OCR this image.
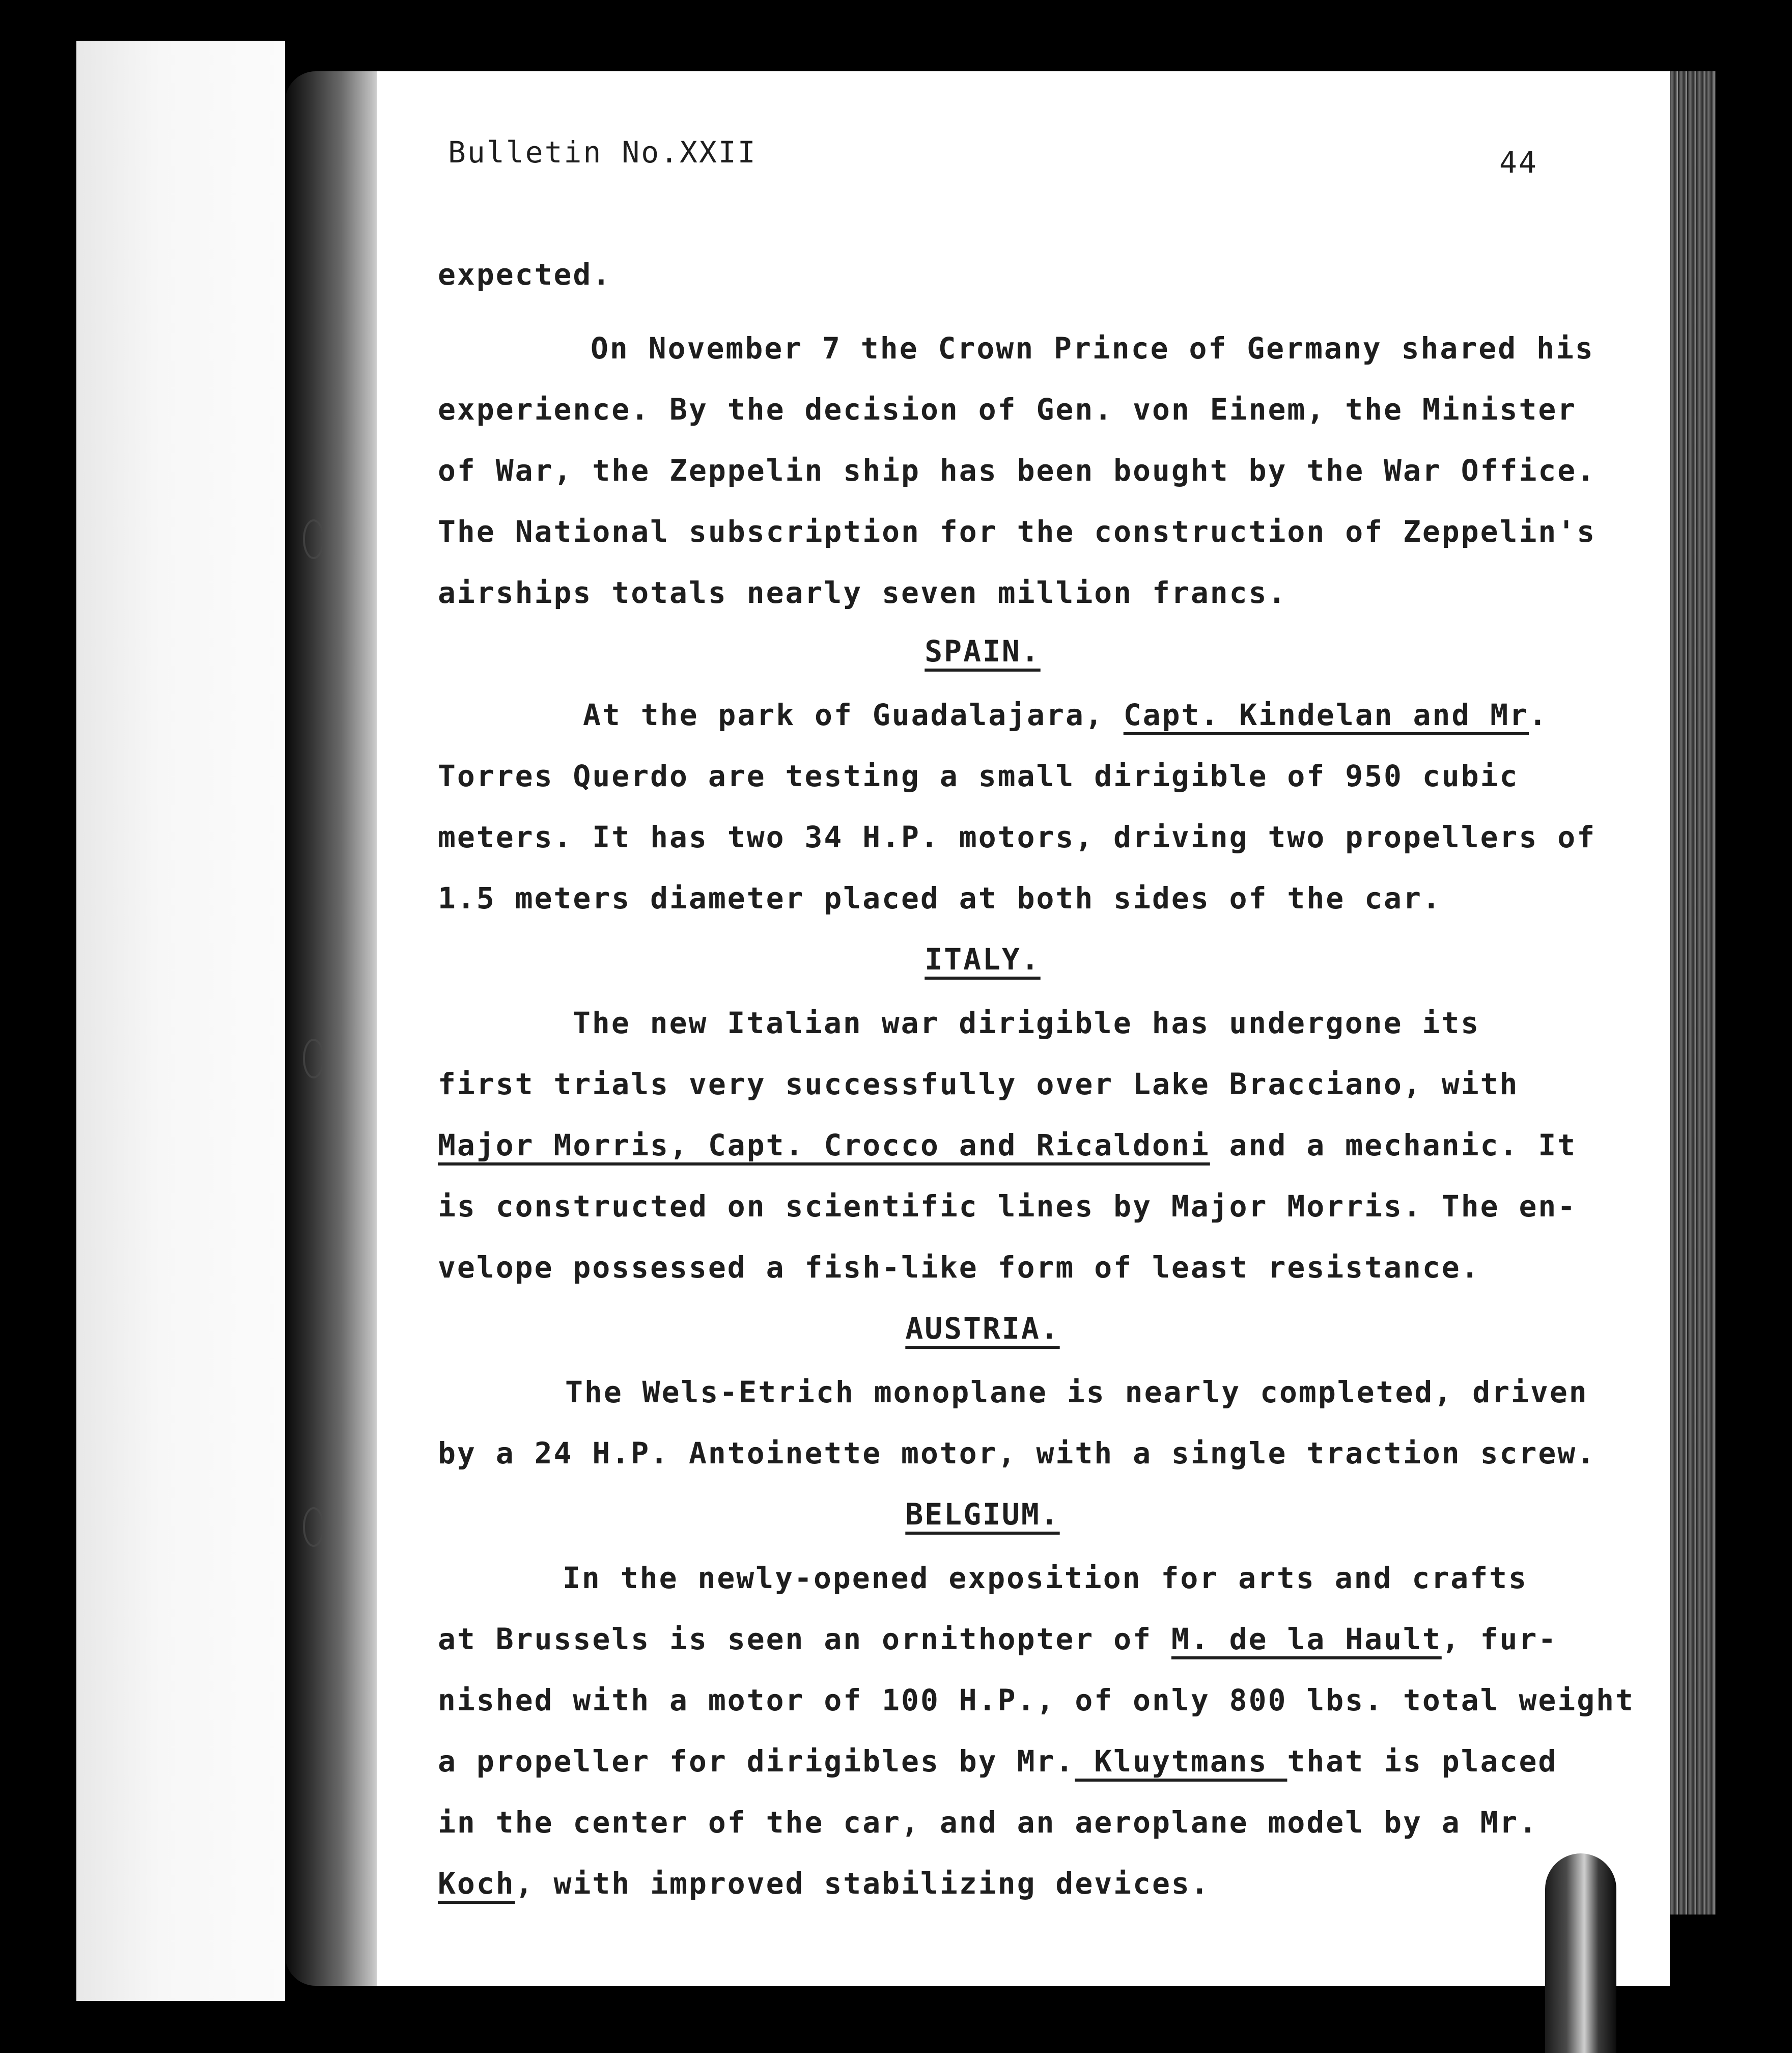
Bulletin No.XXII	44
expected.
On November 7 the Crown Prince of Germany shared his
experience. By the decision of Gen. von Einem, the Minister
of War, the Zeppelin ship has been bought by the War Office.
The National subscription for the construction of Zeppelin's
airships totals nearly seven million francs.
SPAIN.
At the park of Guadalajara, Capt. Kindelan and Mr.
Torres Querdo are testing a small dirigible of 950 cubic
meters. It has two 34 H.P. motors, driving two propellers of
1.5 meters diameter placed at both sides of the car.
ITALY.
The new Italian war dirigible has undergone its
first trials very successfully over Lake Bracciano, with
Major Morris, Capt. Crocco and Ricaldoni and a mechanic. It
is constructed on scientific lines by Major Morris. The en-
velope possessed a fish-like form of least resistance.
AUSTRIA.
The Wels-Etrich monoplane is nearly completed, driven
by a 24 H.P. Antoinette motor, with a single traction screw.
BELGIUM.
In the newly-opened exposition for arts and crafts
at Brussels is seen an ornithopter of M. de la Hault, fur-
nished with a motor of 100 H.P., of only 800 lbs. total weight
a propeller for dirigibles by Mr. Kluytmans that is placed
in the center of the car, and an aeroplane model by a Mr.
Koch, with improved stabilizing devices.
